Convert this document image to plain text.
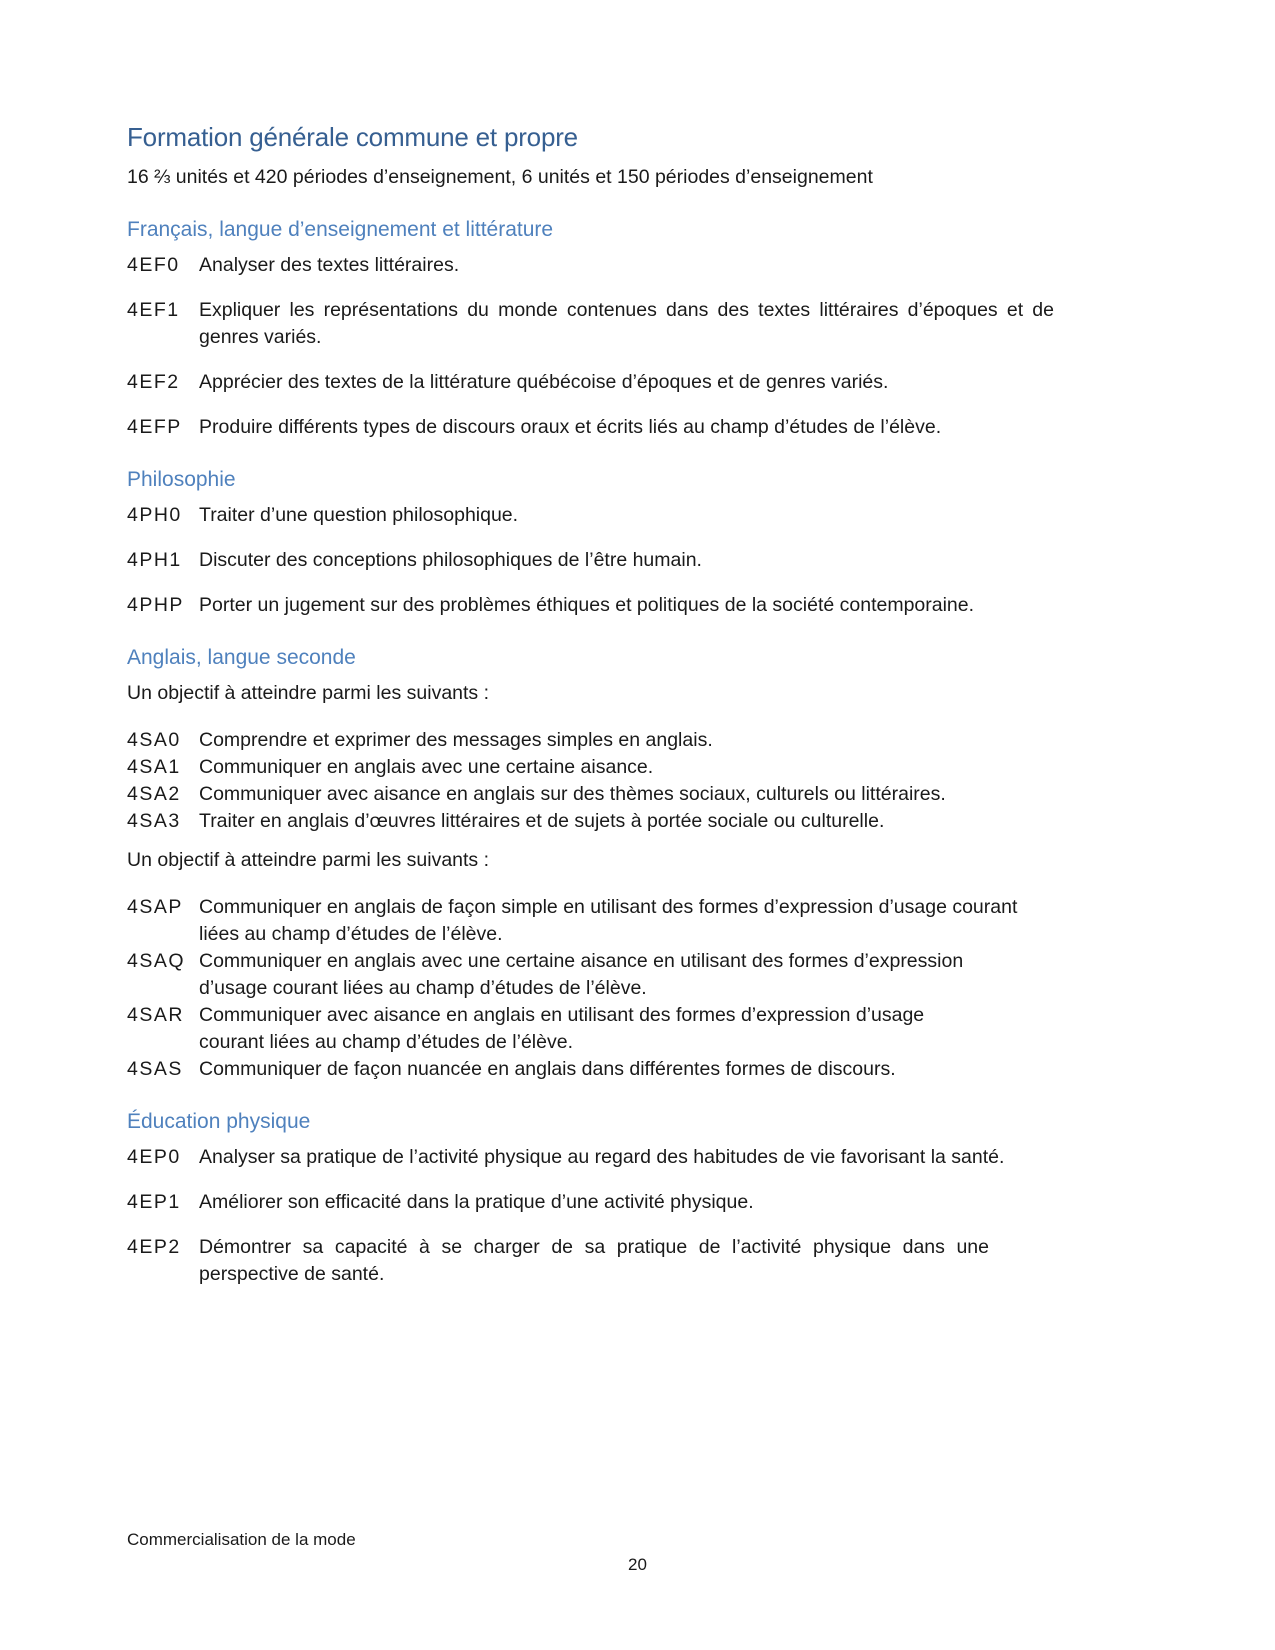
Formation générale commune et propre

16 ⅔ unités et 420 périodes d’enseignement, 6 unités et 150 périodes d’enseignement

Français, langue d’enseignement et littérature
4EF0 Analyser des textes littéraires.
4EF1 Expliquer les représentations du monde contenues dans des textes littéraires d’époques et de genres variés.
4EF2 Apprécier des textes de la littérature québécoise d’époques et de genres variés.
4EFP Produire différents types de discours oraux et écrits liés au champ d’études de l’élève.
Philosophie
4PH0 Traiter d’une question philosophique.
4PH1 Discuter des conceptions philosophiques de l’être humain.
4PHP Porter un jugement sur des problèmes éthiques et politiques de la société contemporaine.
Anglais, langue seconde

Un objectif à atteindre parmi les suivants :

4SA0 Comprendre et exprimer des messages simples en anglais.
4SA1 Communiquer en anglais avec une certaine aisance.
4SA2 Communiquer avec aisance en anglais sur des thèmes sociaux, culturels ou littéraires.
4SA3 Traiter en anglais d’œuvres littéraires et de sujets à portée sociale ou culturelle.

Un objectif à atteindre parmi les suivants :

4SAP Communiquer en anglais de façon simple en utilisant des formes d’expression d’usage courant liées au champ d’études de l’élève.
4SAQ Communiquer en anglais avec une certaine aisance en utilisant des formes d’expression d’usage courant liées au champ d’études de l’élève.
4SAR Communiquer avec aisance en anglais en utilisant des formes d’expression d’usage courant liées au champ d’études de l’élève.
4SAS Communiquer de façon nuancée en anglais dans différentes formes de discours.
Éducation physique
4EP0 Analyser sa pratique de l’activité physique au regard des habitudes de vie favorisant la santé.
4EP1 Améliorer son efficacité dans la pratique d’une activité physique.
4EP2 Démontrer sa capacité à se charger de sa pratique de l’activité physique dans une perspective de santé.
Commercialisation de la mode
20
